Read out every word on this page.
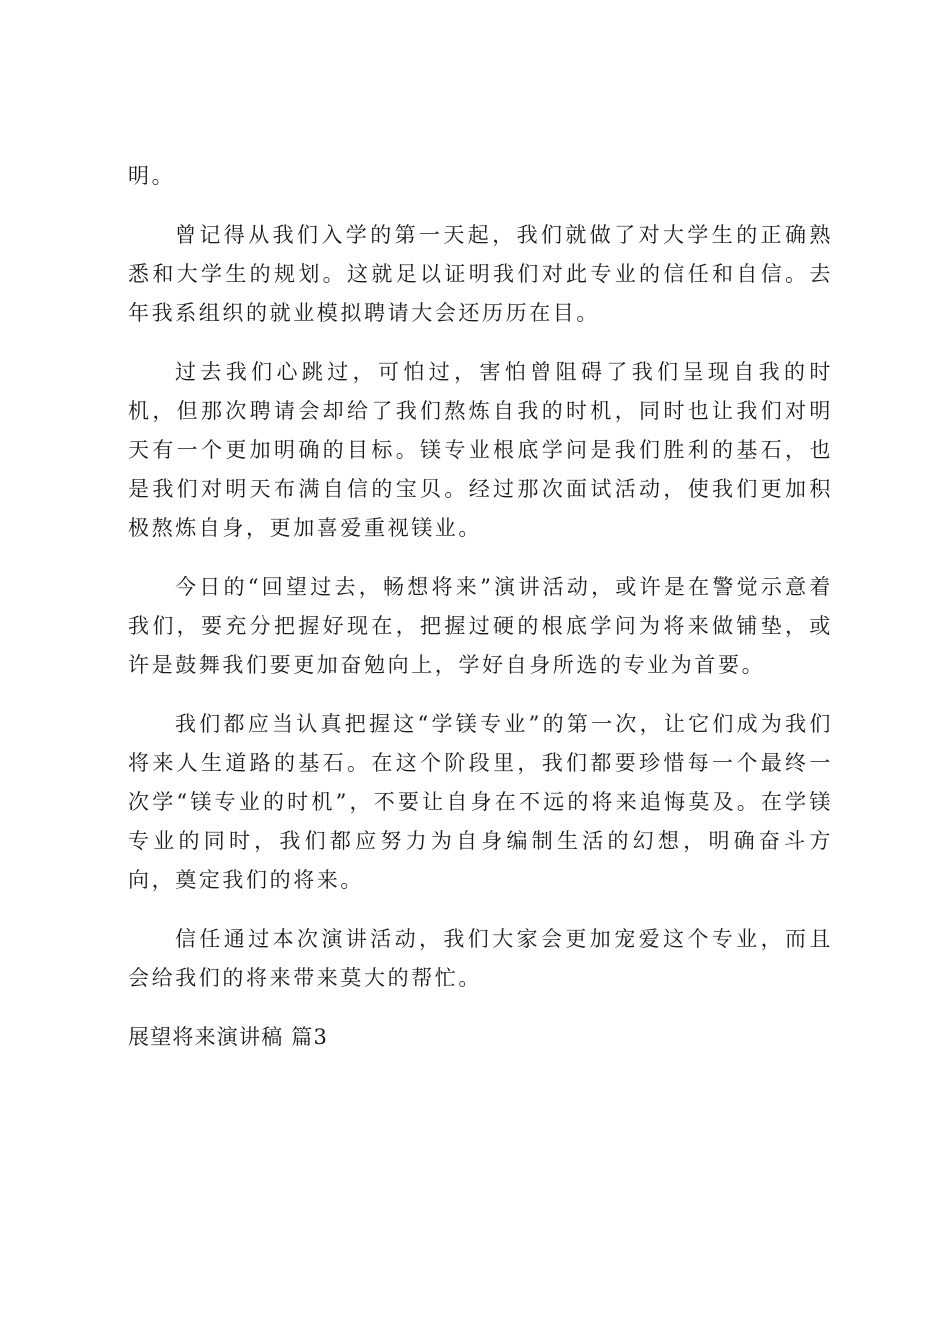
明。

曾记得从我们入学的第一天起，我们就做了对大学生的正确熟悉和大学生的规划。这就足以证明我们对此专业的信任和自信。去年我系组织的就业模拟聘请大会还历历在目。

过去我们心跳过，可怕过，害怕曾阻碍了我们呈现自我的时机，但那次聘请会却给了我们熬炼自我的时机，同时也让我们对明天有一个更加明确的目标。镁专业根底学问是我们胜利的基石，也是我们对明天布满自信的宝贝。经过那次面试活动，使我们更加积极熬炼自身，更加喜爱重视镁业。

今日的“回望过去，畅想将来”演讲活动，或许是在警觉示意着我们，要充分把握好现在，把握过硬的根底学问为将来做铺垫，或许是鼓舞我们要更加奋勉向上，学好自身所选的专业为首要。

我们都应当认真把握这“学镁专业”的第一次，让它们成为我们将来人生道路的基石。在这个阶段里，我们都要珍惜每一个最终一次学“镁专业的时机”，不要让自身在不远的将来追悔莫及。在学镁专业的同时，我们都应努力为自身编制生活的幻想，明确奋斗方向，奠定我们的将来。

信任通过本次演讲活动，我们大家会更加宠爱这个专业，而且会给我们的将来带来莫大的帮忙。

展望将来演讲稿 篇3
